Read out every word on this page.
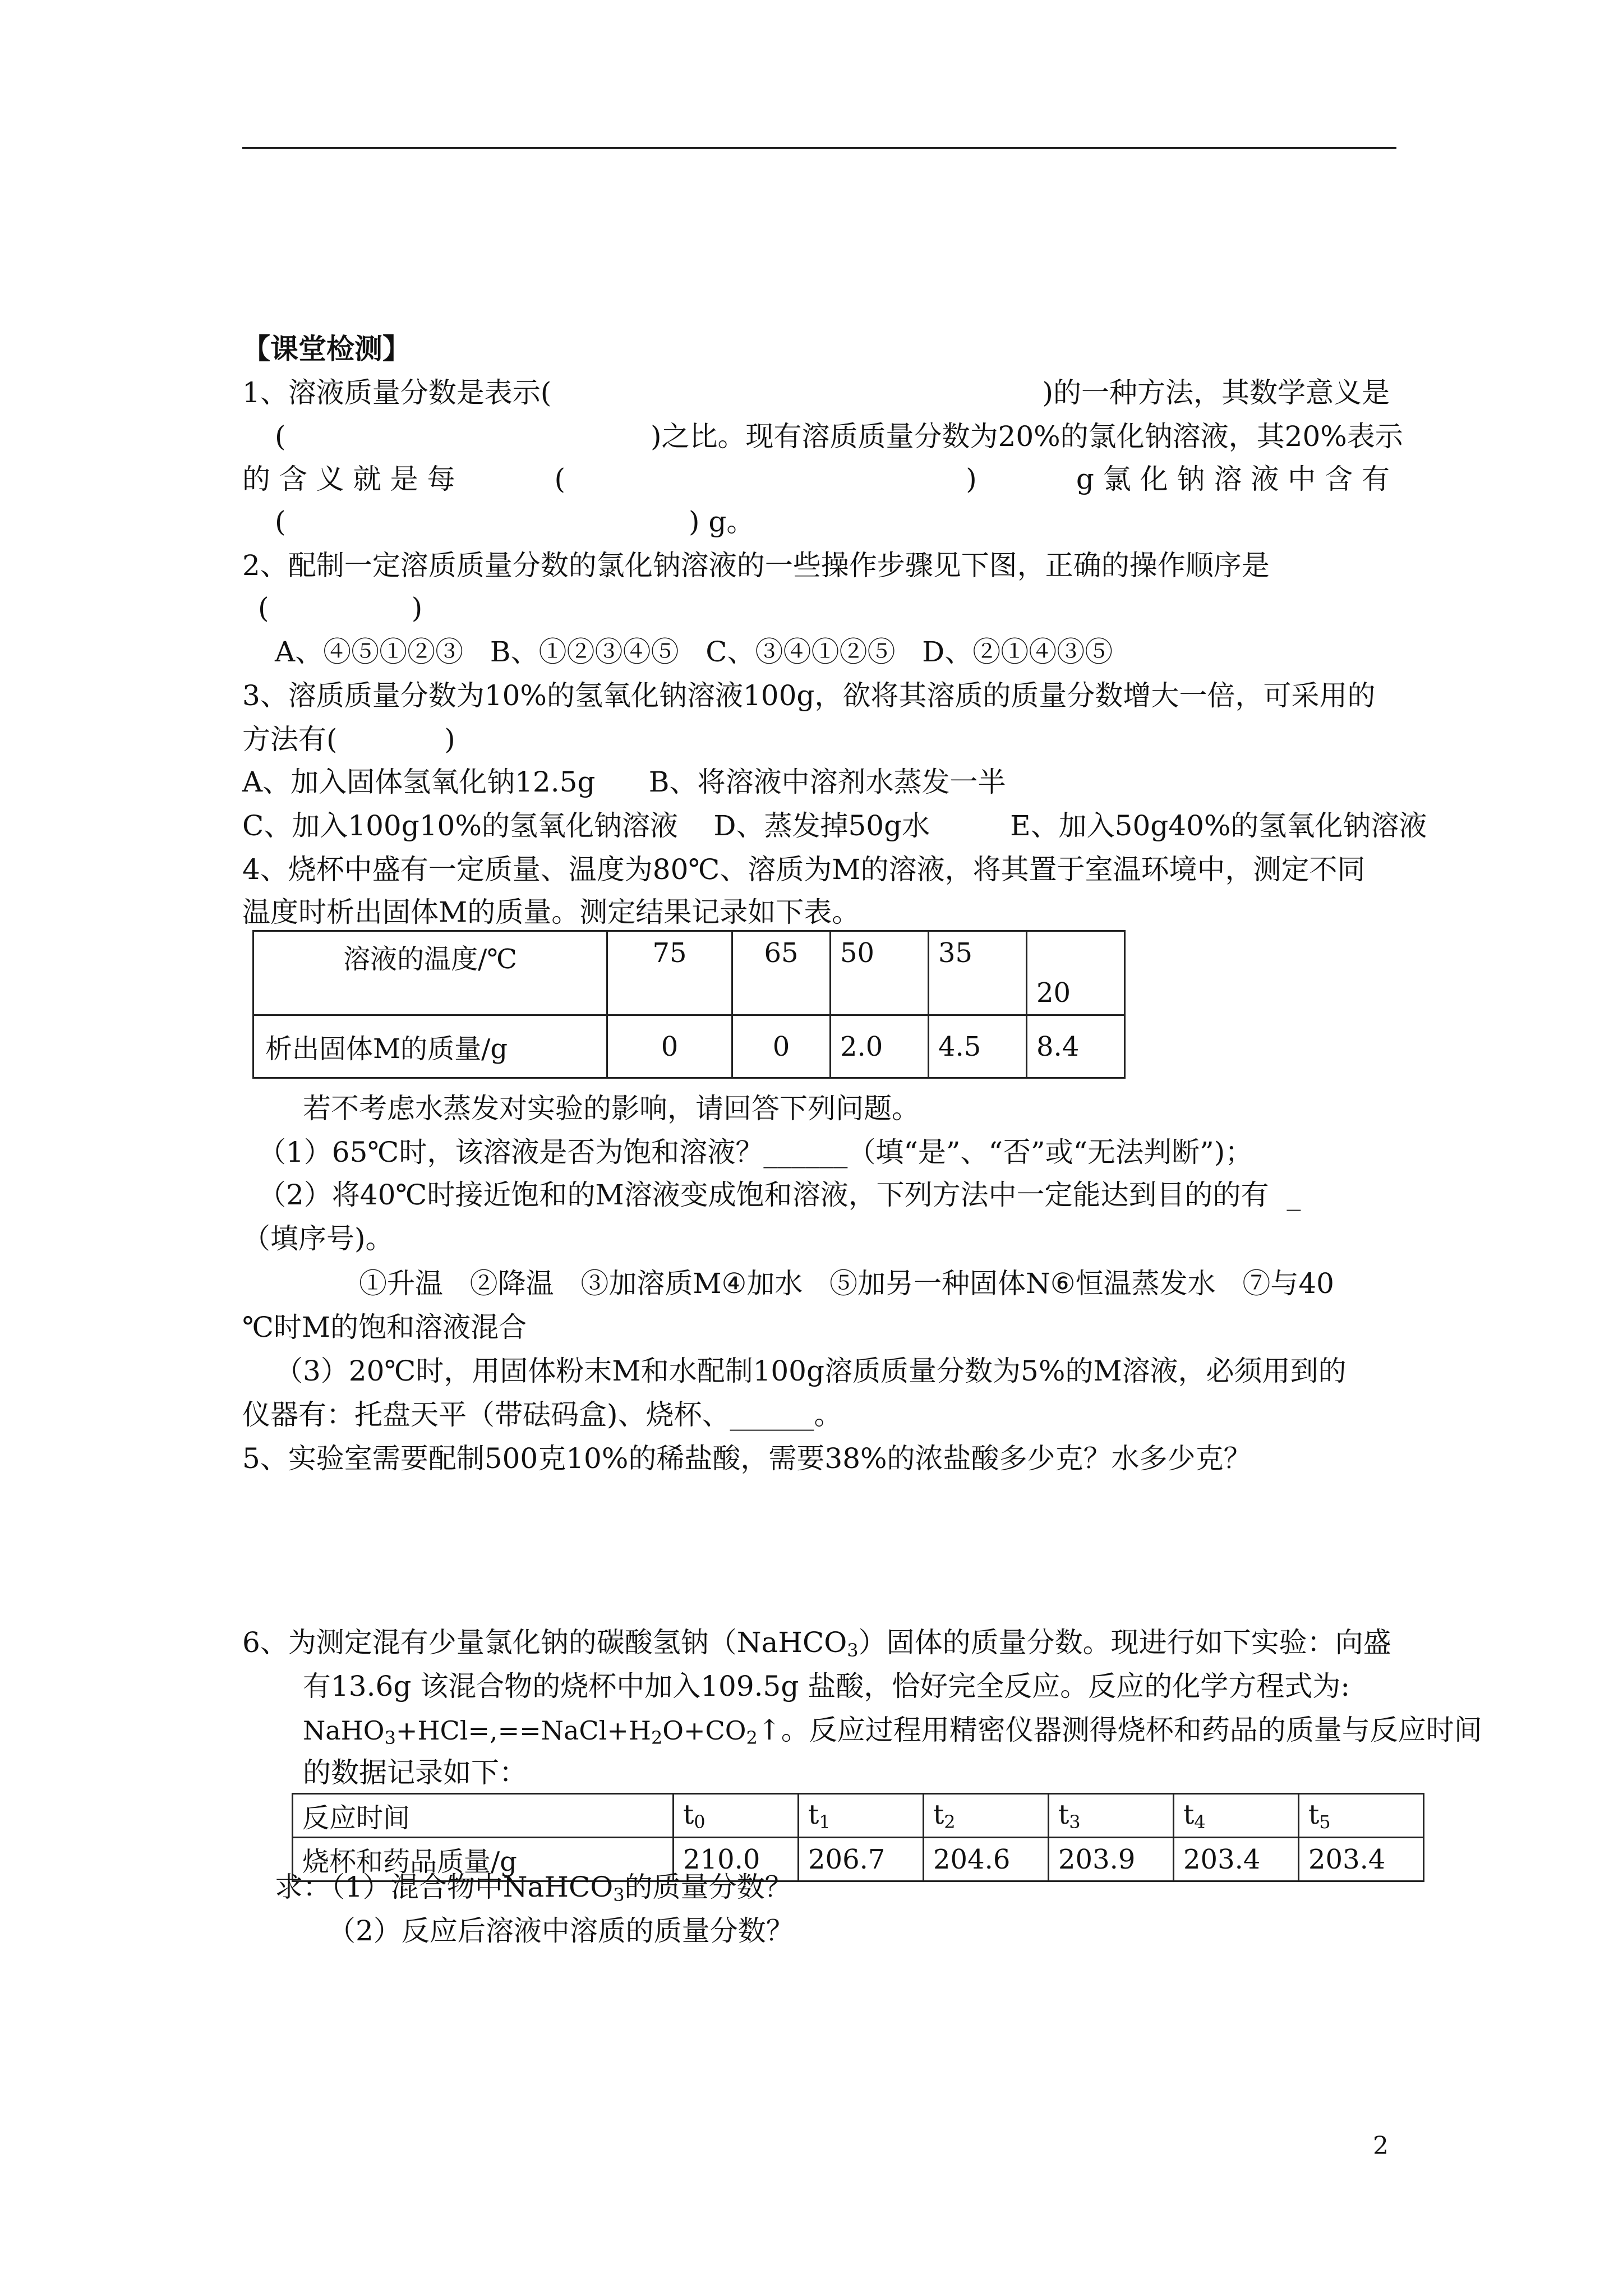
【课堂检测】
1、溶液质量分数是表示(	)的一种方法，其数学意义是
(	)之比。现有溶质质量分数为20%的氯化钠溶液，其20%表示
的 含 义 就 是 每	(	)	g 氯 化 钠 溶 液 中 含 有
(	) g。
2、配制一定溶质质量分数的氯化钠溶液的一些操作步骤见下图，正确的操作顺序是
(                )
A、④⑤①②③   B、①②③④⑤   C、③④①②⑤   D、②①④③⑤
3、溶质质量分数为10%的氢氧化钠溶液100g，欲将其溶质的质量分数增大一倍，可采用的
方法有(            )
A、加入固体氢氧化钠12.5g      B、将溶液中溶剂水蒸发一半
C、加入100g10%的氢氧化钠溶液    D、蒸发掉50g水         E、加入50g40%的氢氧化钠溶液
4、烧杯中盛有一定质量、温度为80℃、溶质为M的溶液，将其置于室温环境中，测定不同
温度时析出固体M的质量。测定结果记录如下表。
溶液的温度/℃	75	65	50	35	20
析出固体M的质量/g	0	0	2.0	4.5	8.4
若不考虑水蒸发对实验的影响，请回答下列问题。
（1）65℃时，该溶液是否为饱和溶液？______（填“是”、“否”或“无法判断”)；
（2）将40℃时接近饱和的M溶液变成饱和溶液，下列方法中一定能达到目的的有  _
（填序号)。
①升温   ②降温   ③加溶质M④加水   ⑤加另一种固体N⑥恒温蒸发水   ⑦与40
℃时M的饱和溶液混合
（3）20℃时，用固体粉末M和水配制100g溶质质量分数为5%的M溶液，必须用到的
仪器有：托盘天平（带砝码盒)、烧杯、______。
5、实验室需要配制500克10%的稀盐酸，需要38%的浓盐酸多少克？水多少克？
6、为测定混有少量氯化钠的碳酸氢钠（NaHCO$_3$）固体的质量分数。现进行如下实验：向盛
有13.6g 该混合物的烧杯中加入109.5g 盐酸，恰好完全反应。反应的化学方程式为:
$NaHO_3+HCl=,==NaCl+H_2O+CO_2↑$。反应过程用精密仪器测得烧杯和药品的质量与反应时间
的数据记录如下：
反应时间	$t_0$	$t_1$	$t_2$	$t_3$	$t_4$	$t_5$
烧杯和药品质量/g	210.0	206.7	204.6	203.9	203.4	203.4
求：（1）混合物中NaHCO$_3$的质量分数？
（2）反应后溶液中溶质的质量分数？
2
